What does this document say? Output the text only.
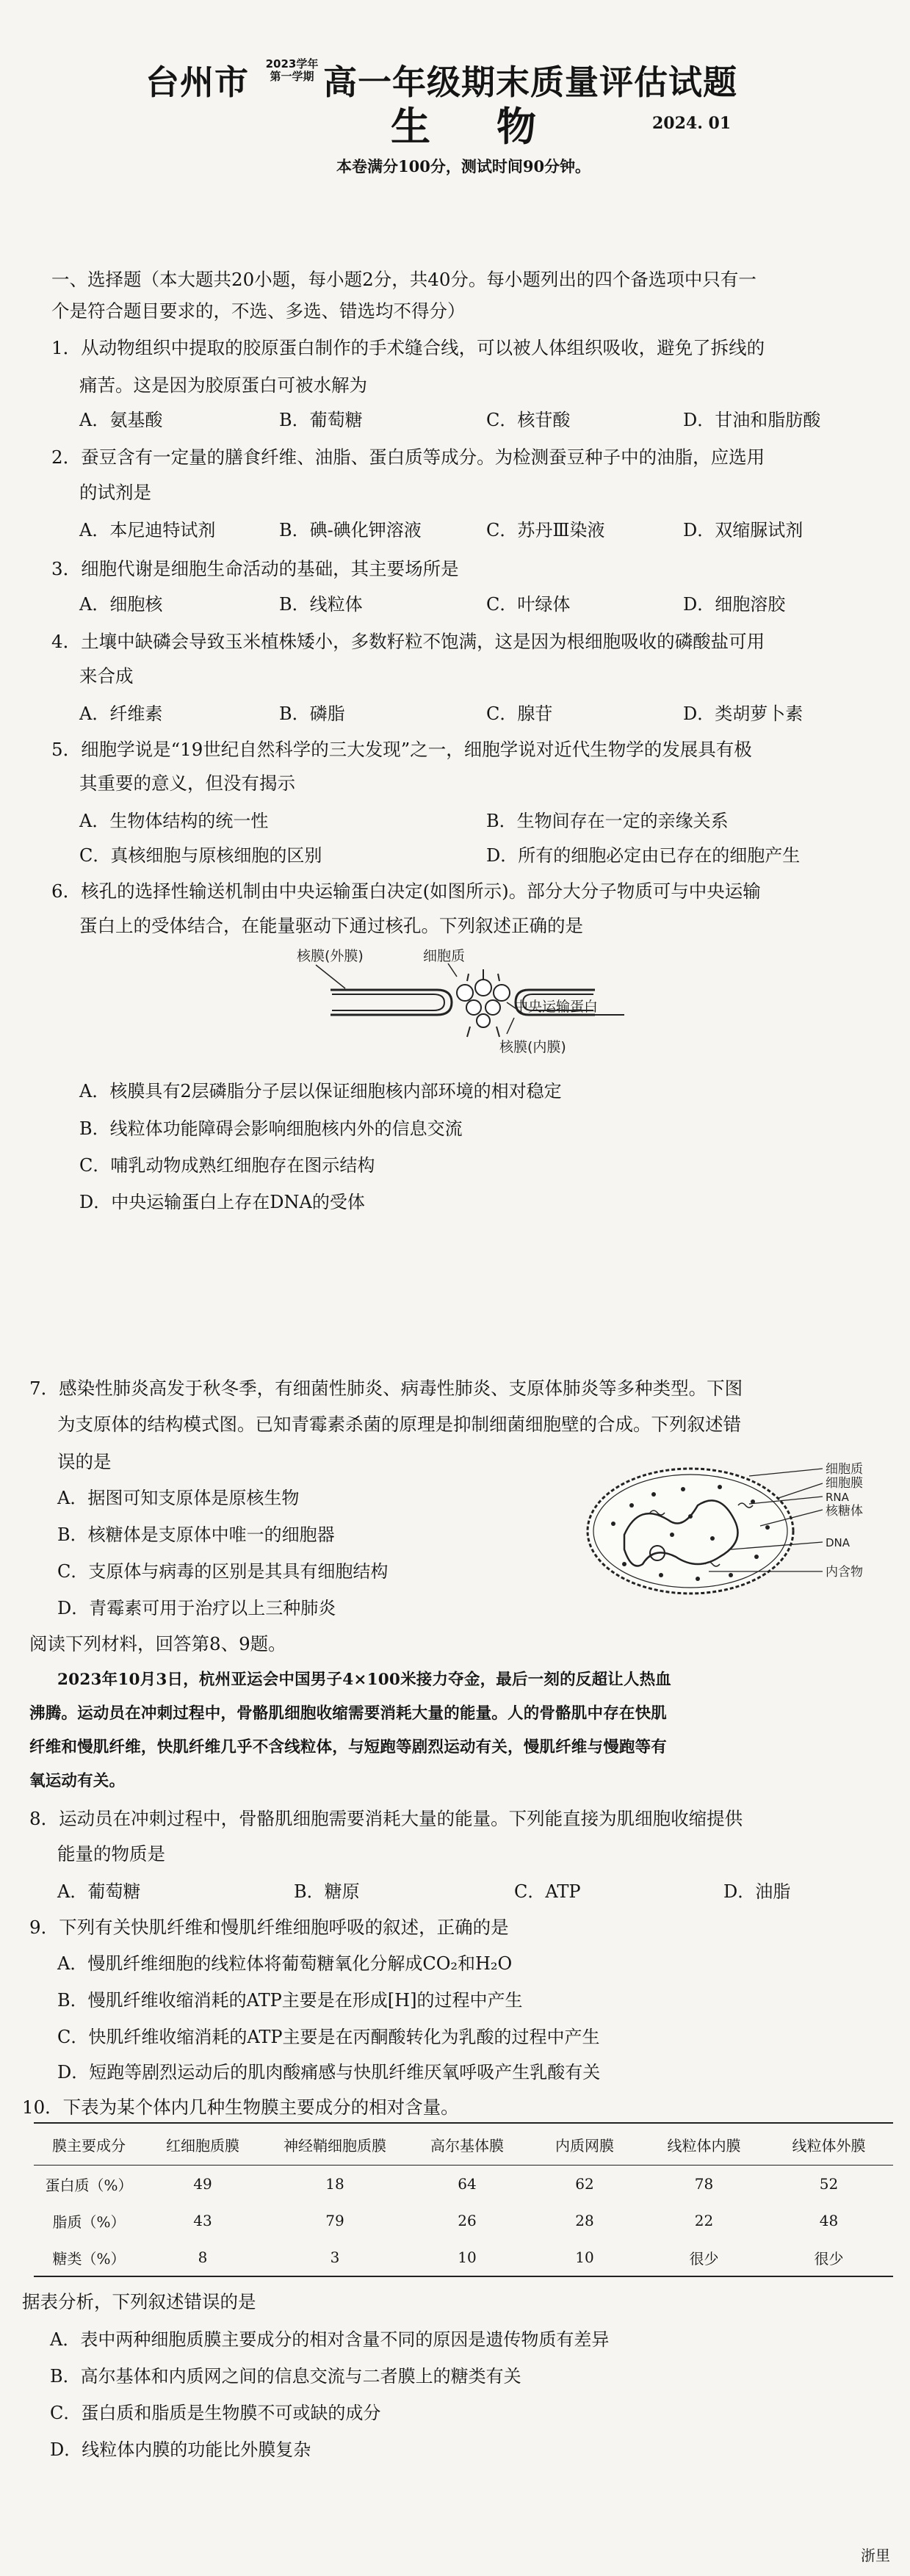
台州市	2023学年
第一学期 高一年级期末质量评估试题
生物	2024. 01
本卷满分100分，测试时间90分钟。
一、选择题（本大题共20小题，每小题2分，共40分。每小题列出的四个备选项中只有一
个是符合题目要求的，不选、多选、错选均不得分）
1．从动物组织中提取的胶原蛋白制作的手术缝合线，可以被人体组织吸收，避免了拆线的
痛苦。这是因为胶原蛋白可被水解为
A．氨基酸	B．葡萄糖	C．核苷酸	D．甘油和脂肪酸
2．蚕豆含有一定量的膳食纤维、油脂、蛋白质等成分。为检测蚕豆种子中的油脂，应选用
的试剂是
A．本尼迪特试剂	B．碘-碘化钾溶液	C．苏丹Ⅲ染液	D．双缩脲试剂
3．细胞代谢是细胞生命活动的基础，其主要场所是
A．细胞核	B．线粒体	C．叶绿体	D．细胞溶胶
4．土壤中缺磷会导致玉米植株矮小，多数籽粒不饱满，这是因为根细胞吸收的磷酸盐可用
来合成
A．纤维素	B．磷脂	C．腺苷	D．类胡萝卜素
5．细胞学说是“19世纪自然科学的三大发现”之一，细胞学说对近代生物学的发展具有极
其重要的意义，但没有揭示
A．生物体结构的统一性	B．生物间存在一定的亲缘关系
C．真核细胞与原核细胞的区别	D．所有的细胞必定由已存在的细胞产生
6．核孔的选择性输送机制由中央运输蛋白决定(如图所示)。部分大分子物质可与中央运输
蛋白上的受体结合，在能量驱动下通过核孔。下列叙述正确的是
核膜(外膜)	细胞质
中央运输蛋白
核膜(内膜)
A．核膜具有2层磷脂分子层以保证细胞核内部环境的相对稳定
B．线粒体功能障碍会影响细胞核内外的信息交流
C．哺乳动物成熟红细胞存在图示结构
D．中央运输蛋白上存在DNA的受体
7．感染性肺炎高发于秋冬季，有细菌性肺炎、病毒性肺炎、支原体肺炎等多种类型。下图
为支原体的结构模式图。已知青霉素杀菌的原理是抑制细菌细胞壁的合成。下列叙述错
误的是
A．据图可知支原体是原核生物
B．核糖体是支原体中唯一的细胞器
C．支原体与病毒的区别是其具有细胞结构
D．青霉素可用于治疗以上三种肺炎
细胞质
细胞膜
RNA
核糖体
DNA
内含物
阅读下列材料，回答第8、9题。
2023年10月3日，杭州亚运会中国男子4×100米接力夺金，最后一刻的反超让人热血
沸腾。运动员在冲刺过程中，骨骼肌细胞收缩需要消耗大量的能量。人的骨骼肌中存在快肌
纤维和慢肌纤维，快肌纤维几乎不含线粒体，与短跑等剧烈运动有关，慢肌纤维与慢跑等有
氧运动有关。
8．运动员在冲刺过程中，骨骼肌细胞需要消耗大量的能量。下列能直接为肌细胞收缩提供
能量的物质是
A．葡萄糖	B．糖原	C．ATP	D．油脂
9．下列有关快肌纤维和慢肌纤维细胞呼吸的叙述，正确的是
A．慢肌纤维细胞的线粒体将葡萄糖氧化分解成CO₂和H₂O
B．慢肌纤维收缩消耗的ATP主要是在形成[H]的过程中产生
C．快肌纤维收缩消耗的ATP主要是在丙酮酸转化为乳酸的过程中产生
D．短跑等剧烈运动后的肌肉酸痛感与快肌纤维厌氧呼吸产生乳酸有关
10．下表为某个体内几种生物膜主要成分的相对含量。
膜主要成分	红细胞质膜	神经鞘细胞质膜	高尔基体膜	内质网膜	线粒体内膜	线粒体外膜
蛋白质（%）	49	18	64	62	78	52
脂质（%）	43	79	26	28	22	48
糖类（%）	8	3	10	10	很少	很少
据表分析，下列叙述错误的是
A．表中两种细胞质膜主要成分的相对含量不同的原因是遗传物质有差异
B．高尔基体和内质网之间的信息交流与二者膜上的糖类有关
C．蛋白质和脂质是生物膜不可或缺的成分
D．线粒体内膜的功能比外膜复杂
浙里
